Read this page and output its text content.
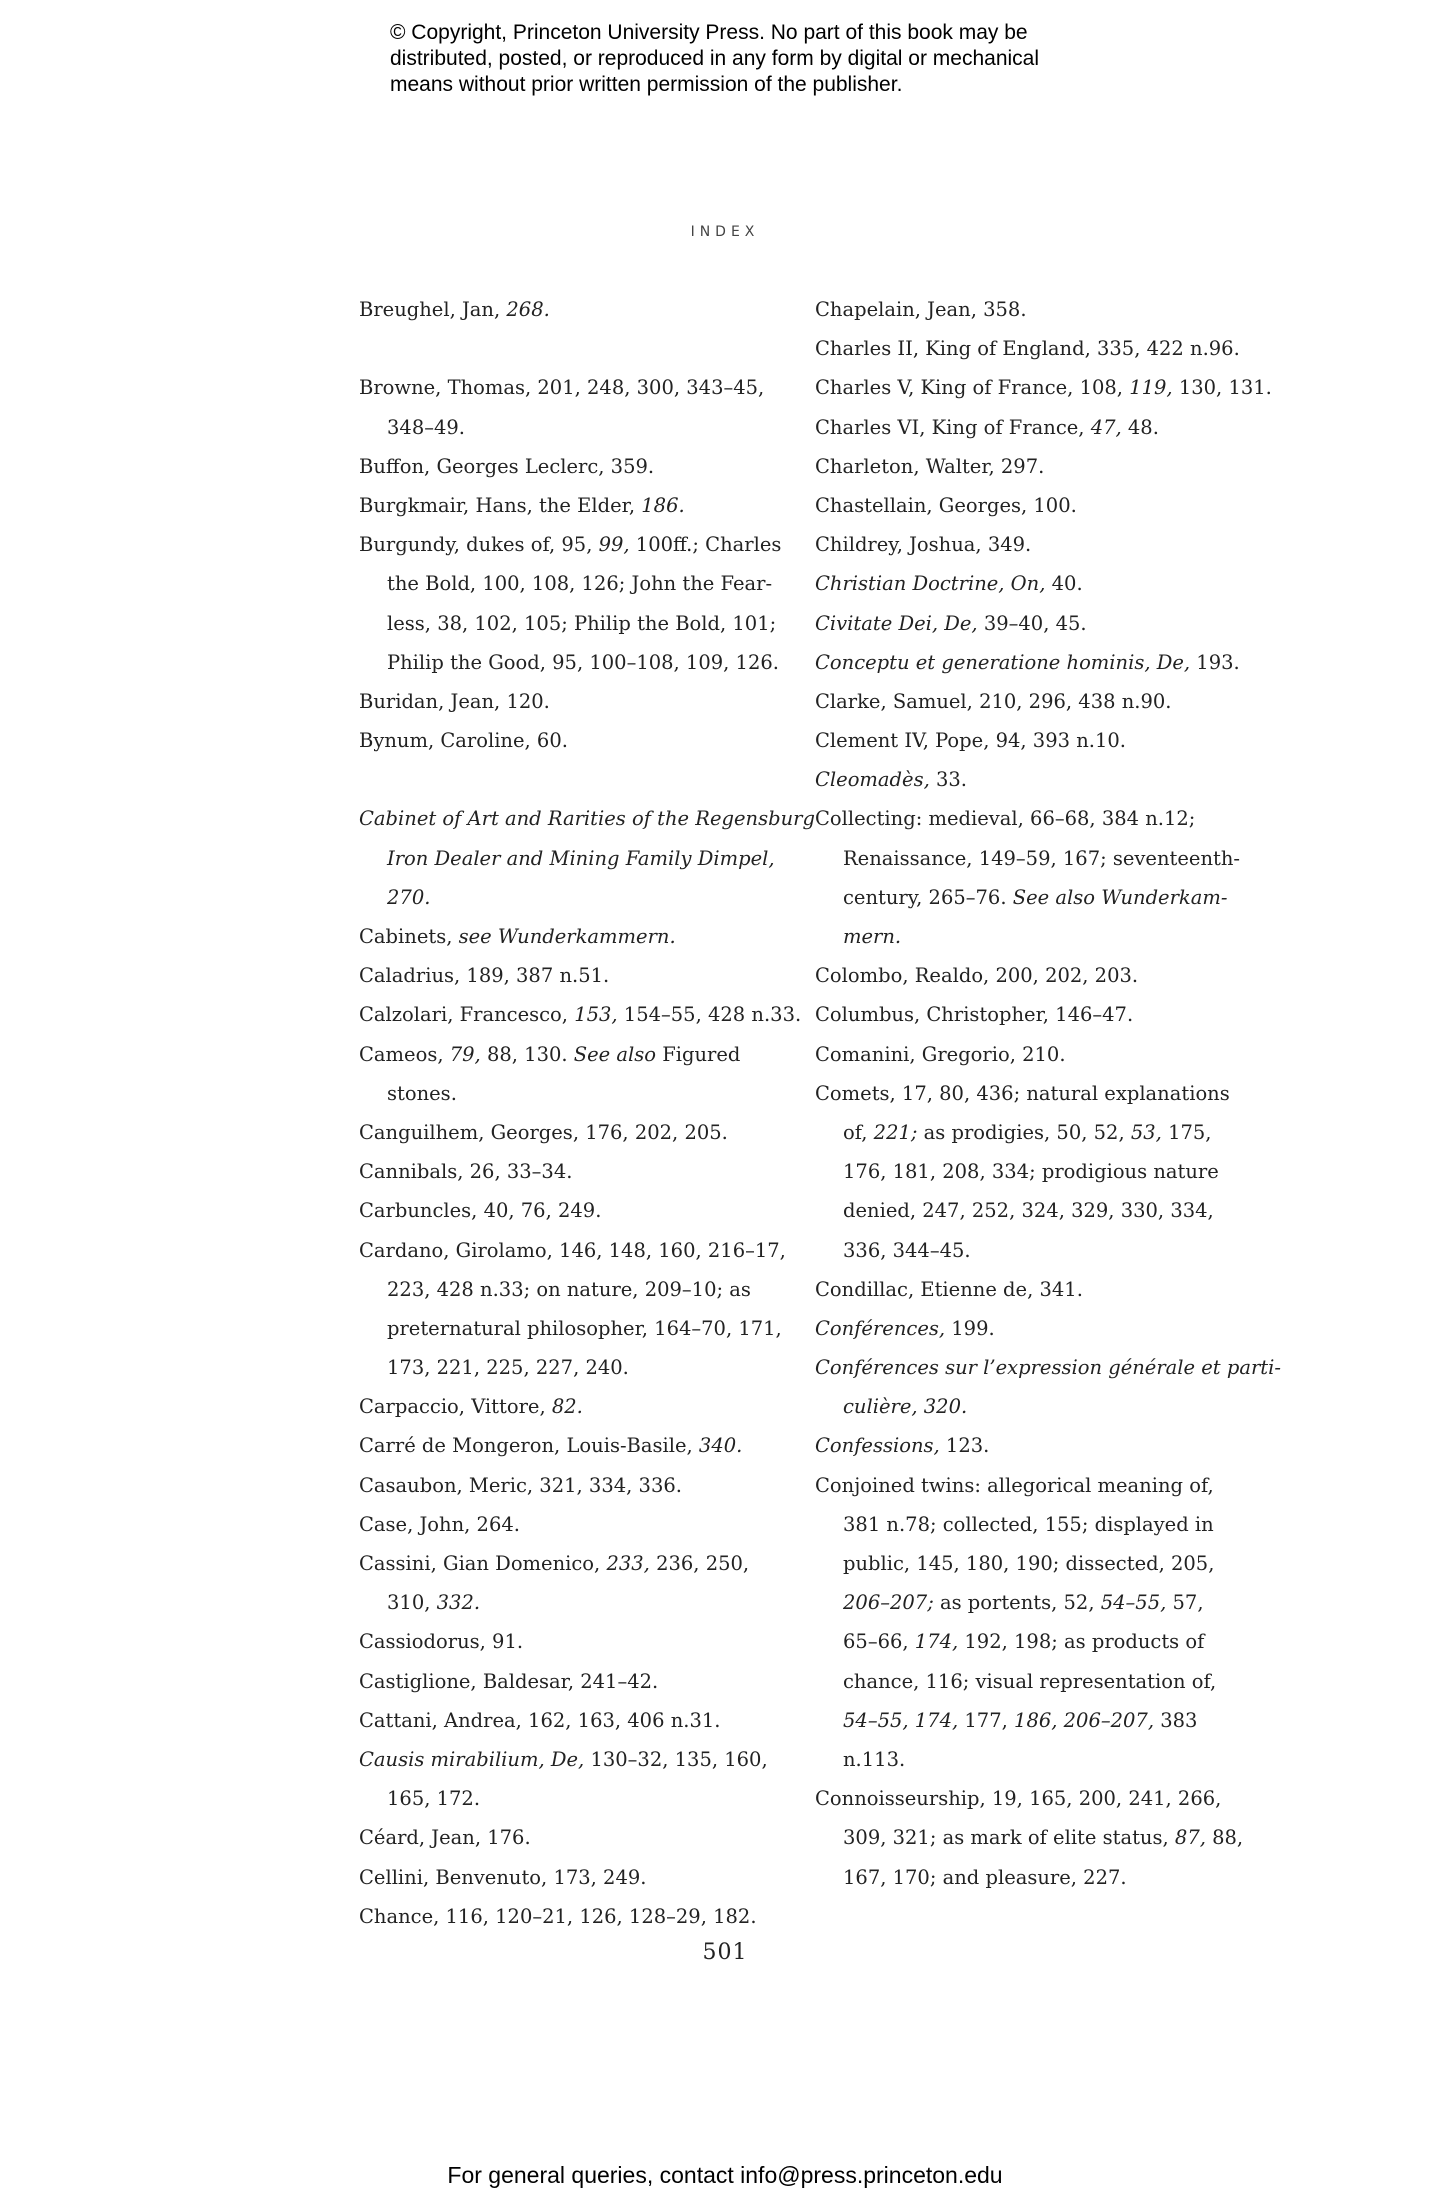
© Copyright, Princeton University Press. No part of this book may be
distributed, posted, or reproduced in any form by digital or mechanical
means without prior written permission of the publisher.
INDEX
Breughel, Jan, 268.
Browne, Thomas, 201, 248, 300, 343–45,
348–49.
Buffon, Georges Leclerc, 359.
Burgkmair, Hans, the Elder, 186.
Burgundy, dukes of, 95, 99, 100ff.; Charles
the Bold, 100, 108, 126; John the Fear-
less, 38, 102, 105; Philip the Bold, 101;
Philip the Good, 95, 100–108, 109, 126.
Buridan, Jean, 120.
Bynum, Caroline, 60.
Cabinet of Art and Rarities of the Regensburg
Iron Dealer and Mining Family Dimpel,
270.
Cabinets, see Wunderkammern.
Caladrius, 189, 387 n.51.
Calzolari, Francesco, 153, 154–55, 428 n.33.
Cameos, 79, 88, 130. See also Figured
stones.
Canguilhem, Georges, 176, 202, 205.
Cannibals, 26, 33–34.
Carbuncles, 40, 76, 249.
Cardano, Girolamo, 146, 148, 160, 216–17,
223, 428 n.33; on nature, 209–10; as
preternatural philosopher, 164–70, 171,
173, 221, 225, 227, 240.
Carpaccio, Vittore, 82.
Carré de Mongeron, Louis-Basile, 340.
Casaubon, Meric, 321, 334, 336.
Case, John, 264.
Cassini, Gian Domenico, 233, 236, 250,
310, 332.
Cassiodorus, 91.
Castiglione, Baldesar, 241–42.
Cattani, Andrea, 162, 163, 406 n.31.
Causis mirabilium, De, 130–32, 135, 160,
165, 172.
Céard, Jean, 176.
Cellini, Benvenuto, 173, 249.
Chance, 116, 120–21, 126, 128–29, 182.
Chapelain, Jean, 358.
Charles II, King of England, 335, 422 n.96.
Charles V, King of France, 108, 119, 130, 131.
Charles VI, King of France, 47, 48.
Charleton, Walter, 297.
Chastellain, Georges, 100.
Childrey, Joshua, 349.
Christian Doctrine, On, 40.
Civitate Dei, De, 39–40, 45.
Conceptu et generatione hominis, De, 193.
Clarke, Samuel, 210, 296, 438 n.90.
Clement IV, Pope, 94, 393 n.10.
Cleomadès, 33.
Collecting: medieval, 66–68, 384 n.12;
Renaissance, 149–59, 167; seventeenth-
century, 265–76. See also Wunderkam-
mern.
Colombo, Realdo, 200, 202, 203.
Columbus, Christopher, 146–47.
Comanini, Gregorio, 210.
Comets, 17, 80, 436; natural explanations
of, 221; as prodigies, 50, 52, 53, 175,
176, 181, 208, 334; prodigious nature
denied, 247, 252, 324, 329, 330, 334,
336, 344–45.
Condillac, Etienne de, 341.
Conférences, 199.
Conférences sur l’expression générale et parti-
culière, 320.
Confessions, 123.
Conjoined twins: allegorical meaning of,
381 n.78; collected, 155; displayed in
public, 145, 180, 190; dissected, 205,
206–207; as portents, 52, 54–55, 57,
65–66, 174, 192, 198; as products of
chance, 116; visual representation of,
54–55, 174, 177, 186, 206–207, 383
n.113.
Connoisseurship, 19, 165, 200, 241, 266,
309, 321; as mark of elite status, 87, 88,
167, 170; and pleasure, 227.
501
For general queries, contact info@press.princeton.edu
